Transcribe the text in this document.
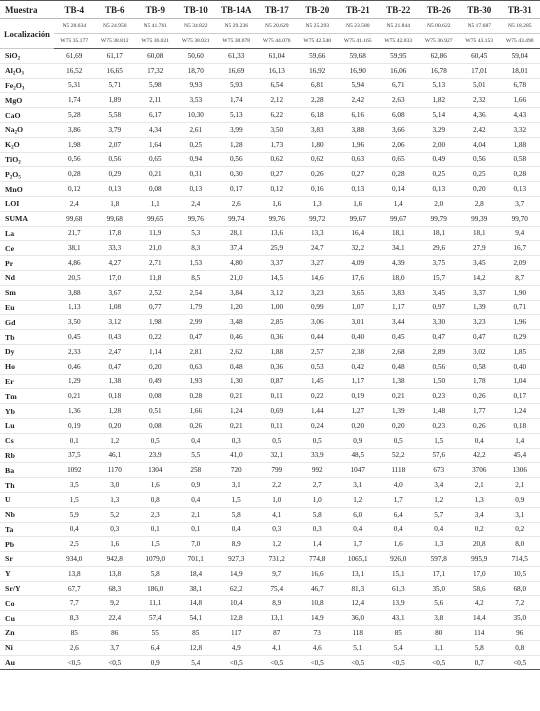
Muestra	TB-4	TB-6	TB-9	TB-10	TB-14A	TB-17	TB-20	TB-21	TB-22	TB-26	TB-30	TB-31
Localización	N5 28.634	N5 24.950	N5 41.761	N5 34.822	N5 29.236	N5 20.629	N5 25.293	N5 23.580	N5 21.844	N5 00.622	N5 17.687	N5 18.285
	W75 35.177	W75 38.812	W75 36.021	W75 38.021	W75 38.078	W75 44.076	W75 42.540	W75 41.165	W75 42.033	W75 36.927	W75 43.153	W75 43.490
SiO$_2$	61,69	61,17	60,08	50,60	61,33	61,04	59,66	59,68	59,95	62,86	60,45	59,04
$Al_2O_3$	16,52	16,65	17,32	18,70	16,69	16,13	16,92	16,90	16,06	16,78	17,01	18,01
$Fe_2O_3$	5,31	5,71	5,98	9,93	5,93	6,54	6,81	5,94	6,71	5,13	5,01	6,78
MgO	1,74	1,89	2,11	3,53	1,74	2,12	2,28	2,42	2,63	1,82	2,32	1,66
CaO	5,28	5,58	6,17	10,30	5,13	6,22	6,18	6,16	6,08	5,14	4,36	4,43
$Na_2O$	3,86	3,79	4,34	2,61	3,99	3,50	3,83	3,88	3,66	3,29	2,42	3,32
$K_2O$	1,98	2,07	1,64	0,25	1,28	1,73	1,80	1,96	2,06	2,00	4,04	1,88
TiO$_2$	0,56	0,56	0,65	0,94	0,56	0,62	0,62	0,63	0,65	0,49	0,56	0,58
$P_2O_5$	0,28	0,29	0,21	0,31	0,30	0,27	0,26	0,27	0,28	0,25	0,25	0,28
MnO	0,12	0,13	0,08	0,13	0,17	0,12	0,16	0,13	0,14	0,13	0,20	0,13
LOI	2,4	1,8	1,1	2,4	2,6	1,6	1,3	1,6	1,4	2,0	2,8	3,7
SUMA	99,68	99,68	99,65	99,76	99,74	99,76	99,72	99,67	99,67	99,79	99,39	99,70
La	21,7	17,8	11,9	5,3	28,1	13,6	13,3	16,4	18,1	18,1	18,1	9,4
Ce	38,1	33,3	21,0	8,3	37,4	25,9	24,7	32,2	34,1	29,6	27,9	16,7
Pr	4,86	4,27	2,71	1,53	4,80	3,37	3,27	4,09	4,39	3,75	3,45	2,09
Nd	20,5	17,0	11,8	8,5	21,0	14,5	14,6	17,6	18,0	15,7	14,2	8,7
Sm	3,88	3,67	2,52	2,54	3,84	3,12	3,23	3,65	3,83	3,45	3,37	1,90
Eu	1,13	1,08	0,77	1,79	1,20	1,00	0,99	1,07	1,17	0,97	1,39	0,71
Gd	3,50	3,12	1,98	2,99	3,48	2,85	3,06	3,01	3,44	3,30	3,23	1,96
Tb	0,45	0,43	0,22	0,47	0,46	0,36	0,44	0,40	0,45	0,47	0,47	0,29
Dy	2,33	2,47	1,14	2,81	2,62	1,88	2,57	2,38	2,68	2,89	3,02	1,85
Ho	0,46	0,47	0,20	0,63	0,48	0,36	0,53	0,42	0,48	0,56	0,58	0,40
Er	1,29	1,38	0,49	1,93	1,30	0,87	1,45	1,17	1,38	1,50	1,78	1,04
Tm	0,21	0,18	0,08	0,28	0,21	0,11	0,22	0,19	0,21	0,23	0,26	0,17
Yb	1,36	1,28	0,51	1,66	1,24	0,69	1,44	1,27	1,39	1,48	1,77	1,24
Lu	0,19	0,20	0,08	0,26	0,21	0,11	0,24	0,20	0,20	0,23	0,26	0,18
Cs	0,1	1,2	0,5	0,4	0,3	0,5	0,5	0,9	0,5	1,5	0,4	1,4
Rb	37,5	46,1	23,9	5,5	41,0	32,1	33,9	48,5	52,2	57,6	42,2	45,4
Ba	1092	1170	1304	258	720	799	992	1047	1118	673	3706	1306
Th	3,5	3,0	1,6	0,9	3,1	2,2	2,7	3,1	4,0	3,4	2,1	2,1
U	1,5	1,3	0,8	0,4	1,5	1,0	1,0	1,2	1,7	1,2	1,3	0,9
Nb	5,9	5,2	2,3	2,1	5,8	4,1	5,8	6,0	6,4	5,7	3,4	3,1
Ta	0,4	0,3	0,1	0,1	0,4	0,3	0,3	0,4	0,4	0,4	0,2	0,2
Pb	2,5	1,6	1,5	7,0	8,9	1,2	1,4	1,7	1,6	1,3	20,8	8,0
Sr	934,0	942,8	1079,0	701,1	927,3	731,2	774,8	1065,1	926,0	597,8	995,9	714,5
Y	13,8	13,8	5,8	18,4	14,9	9,7	16,6	13,1	15,1	17,1	17,0	10,5
Sr/Y	67,7	68,3	186,0	38,1	62,2	75,4	46,7	81,3	61,3	35,0	58,6	68,0
Co	7,7	9,2	11,1	14,8	10,4	8,9	10,8	12,4	13,9	5,6	4,2	7,2
Cu	8,3	22,4	57,4	54,1	12,8	13,1	14,9	36,0	43,1	3,8	14,4	35,0
Zn	85	86	55	85	117	87	73	118	85	80	114	96
Ni	2,6	3,7	6,4	12,8	4,9	4,1	4,6	5,1	5,4	1,1	5,8	0,8
Au	<0,5	<0,5	0,9	5,4	<0,5	<0,5	<0,5	<0,5	<0,5	<0,5	0,7	<0,5
